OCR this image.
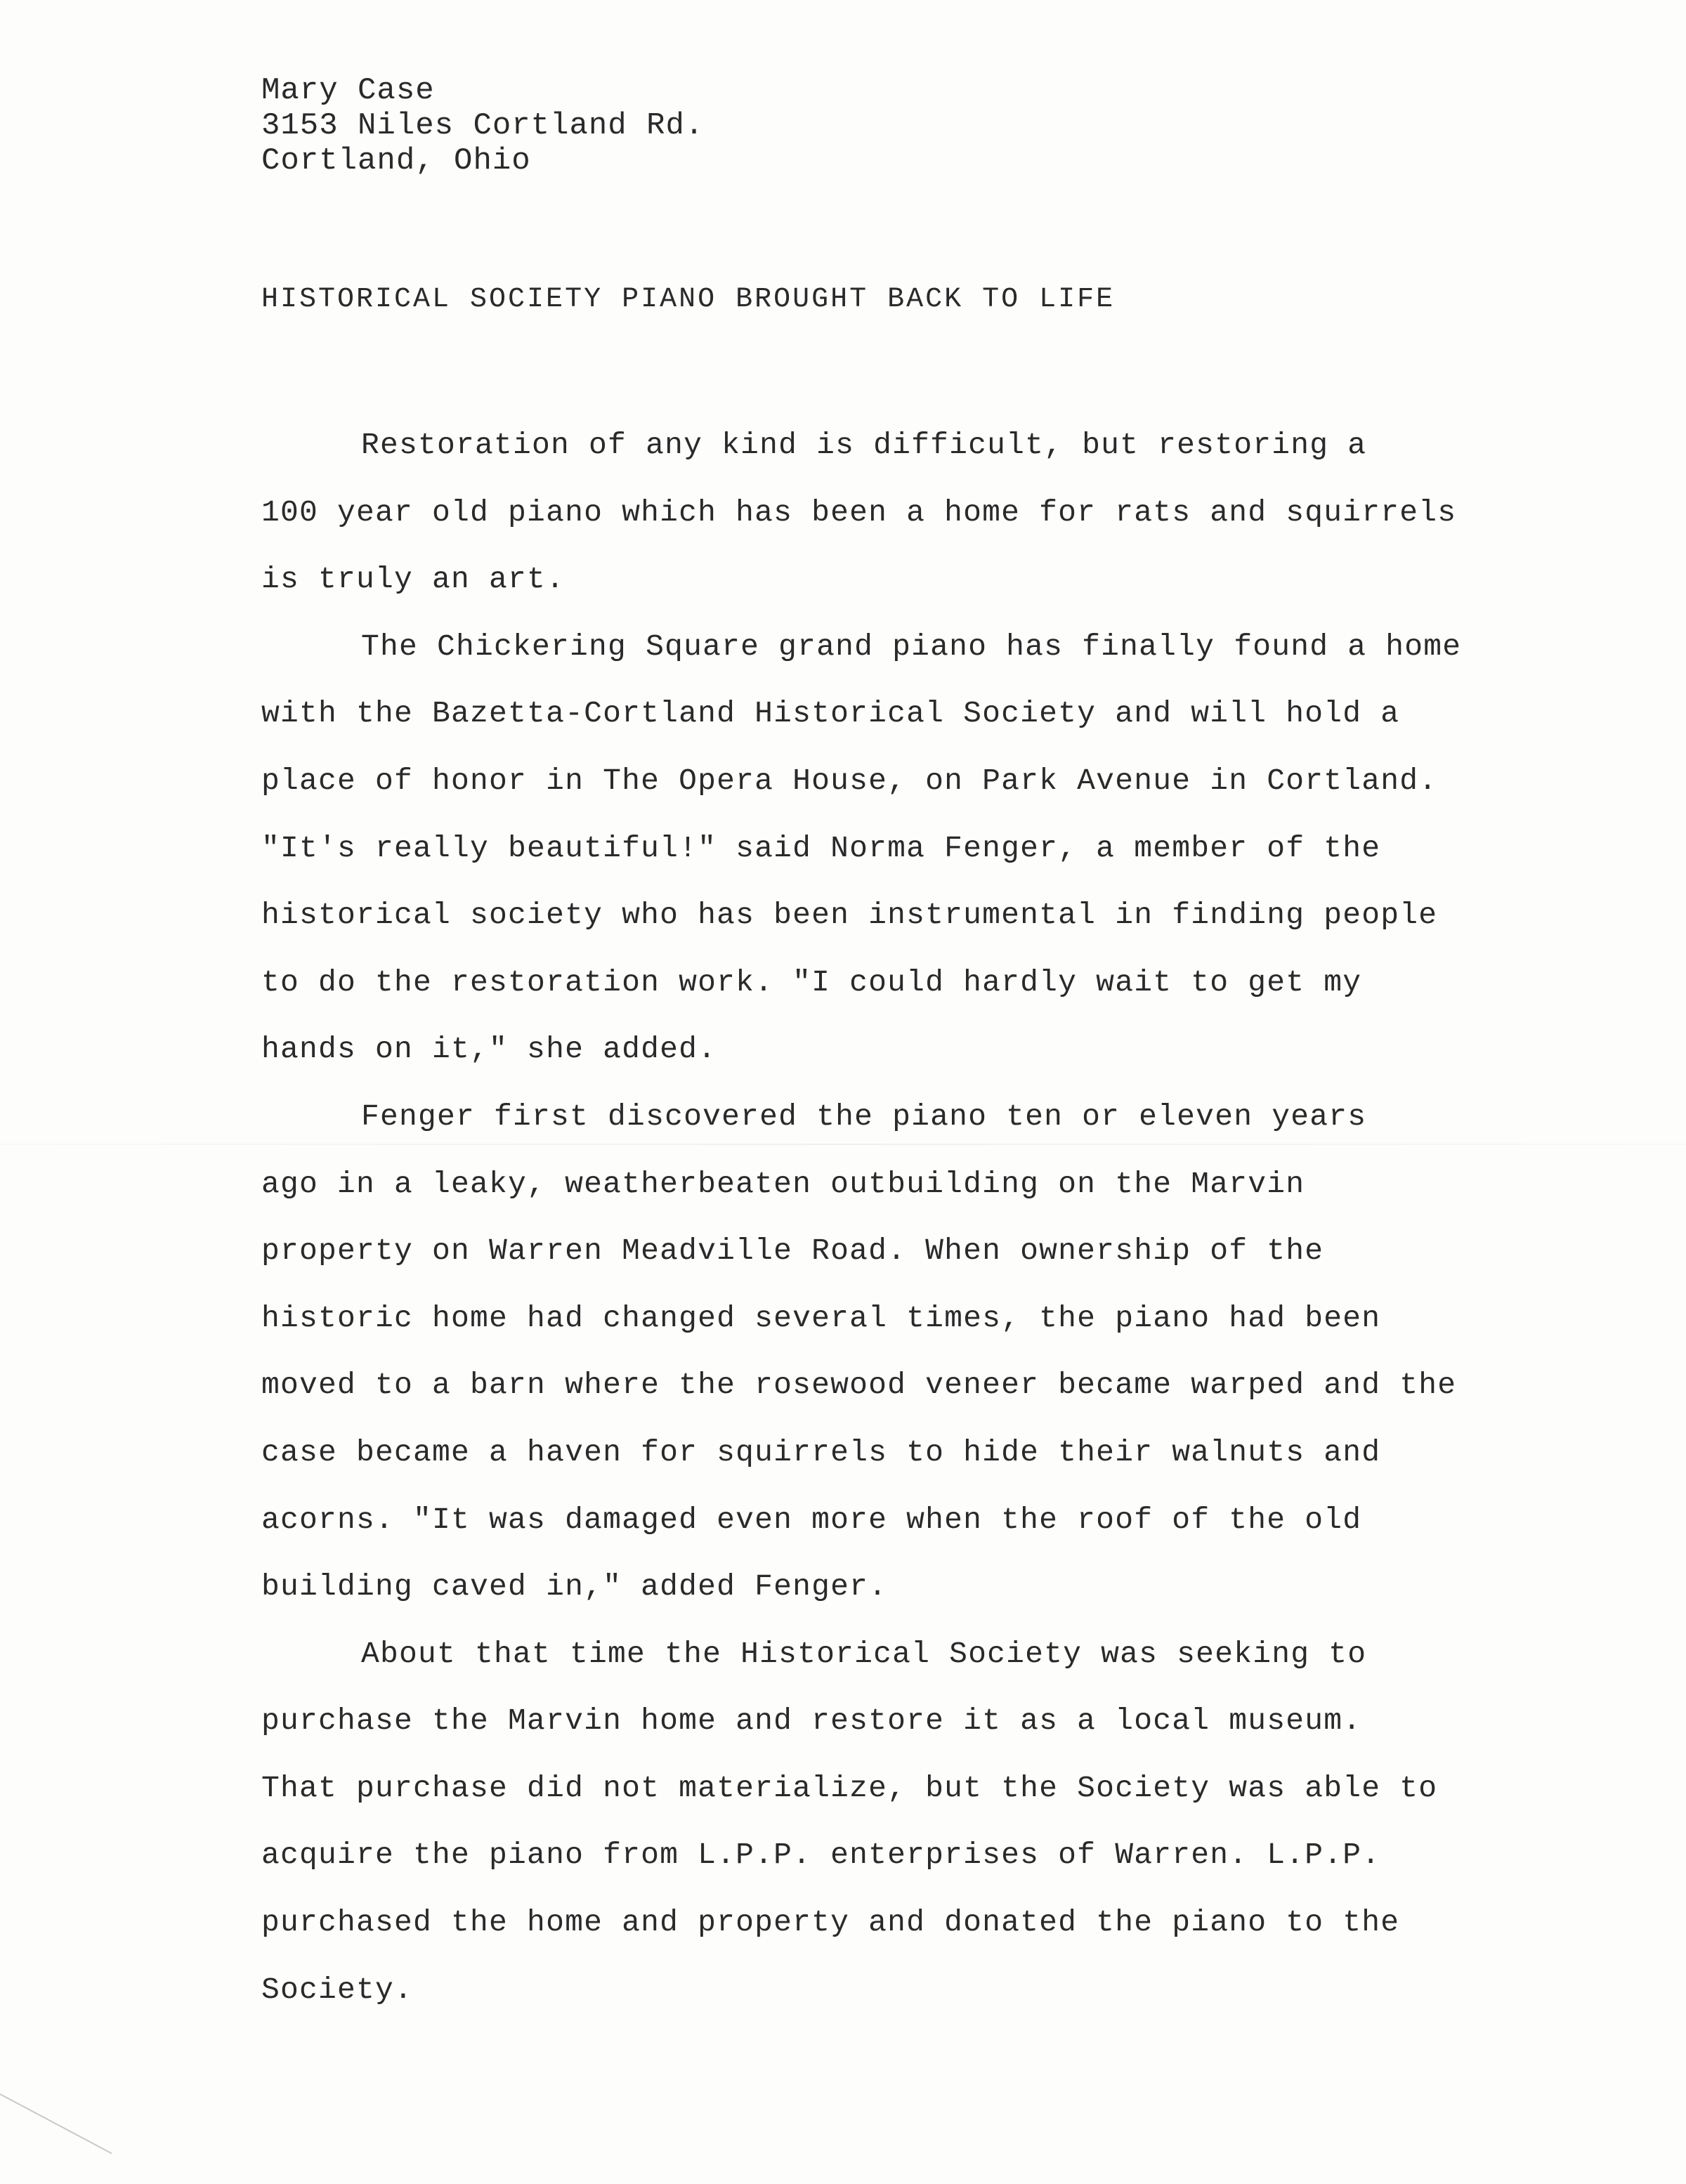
Mary Case
3153 Niles Cortland Rd.
Cortland, Ohio
HISTORICAL SOCIETY PIANO BROUGHT BACK TO LIFE

Restoration of any kind is difficult, but restoring a
100 year old piano which has been a home for rats and squirrels
is truly an art.

The Chickering Square grand piano has finally found a home
with the Bazetta-Cortland Historical Society and will hold a
place of honor in The Opera House, on Park Avenue in Cortland.
"It's really beautiful!" said Norma Fenger, a member of the
historical society who has been instrumental in finding people
to do the restoration work. "I could hardly wait to get my
hands on it," she added.

Fenger first discovered the piano ten or eleven years
ago in a leaky, weatherbeaten outbuilding on the Marvin
property on Warren Meadville Road. When ownership of the
historic home had changed several times, the piano had been
moved to a barn where the rosewood veneer became warped and the
case became a haven for squirrels to hide their walnuts and
acorns. "It was damaged even more when the roof of the old
building caved in," added Fenger.

About that time the Historical Society was seeking to
purchase the Marvin home and restore it as a local museum.
That purchase did not materialize, but the Society was able to
acquire the piano from L.P.P. enterprises of Warren. L.P.P.
purchased the home and property and donated the piano to the
Society.
